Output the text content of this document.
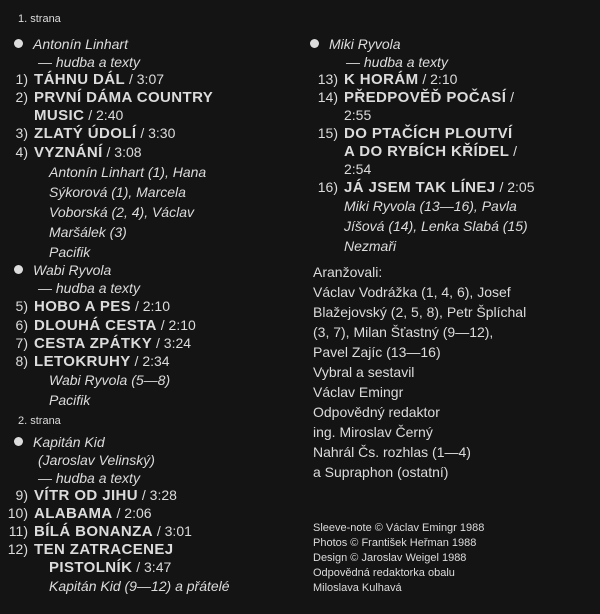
1. strana
Antonín Linhart
— hudba a texty
1) TÁHNU DÁL / 3:07
2) PRVNÍ DÁMA COUNTRY
MUSIC / 2:40
3) ZLATÝ ÚDOLÍ / 3:30
4) VYZNÁNÍ / 3:08
Antonín Linhart (1), Hana
Sýkorová (1), Marcela
Voborská (2, 4), Václav
Maršálek (3)
Pacifik
Wabi Ryvola
— hudba a texty
5) HOBO A PES / 2:10
6) DLOUHÁ CESTA / 2:10
7) CESTA ZPÁTKY / 3:24
8) LETOKRUHY / 2:34
Wabi Ryvola (5—8)
Pacifik
2. strana
Kapitán Kid
(Jaroslav Velinský)
— hudba a texty
9) VÍTR OD JIHU / 3:28
10) ALABAMA / 2:06
11) BÍLÁ BONANZA / 3:01
12) TEN ZATRACENEJ
PISTOLNÍK / 3:47
Kapitán Kid (9—12) a přátelé
Miki Ryvola
— hudba a texty
13) K HORÁM / 2:10
14) PŘEDPOVĚĎ POČASÍ /
2:55
15) DO PTAČÍCH PLOUTVÍ
A DO RYBÍCH KŘÍDEL /
2:54
16) JÁ JSEM TAK LÍNEJ / 2:05
Miki Ryvola (13—16), Pavla
Jíšová (14), Lenka Slabá (15)
Nezmaři
Aranžovali:
Václav Vodrážka (1, 4, 6), Josef
Blažejovský (2, 5, 8), Petr Šplíchal
(3, 7), Milan Šťastný (9—12),
Pavel Zajíc (13—16)
Vybral a sestavil
Václav Emingr
Odpovědný redaktor
ing. Miroslav Černý
Nahrál Čs. rozhlas (1—4)
a Supraphon (ostatní)
Sleeve-note © Václav Emingr 1988
Photos © František Heřman 1988
Design © Jaroslav Weigel 1988
Odpovědná redaktorka obalu
Miloslava Kulhavá
